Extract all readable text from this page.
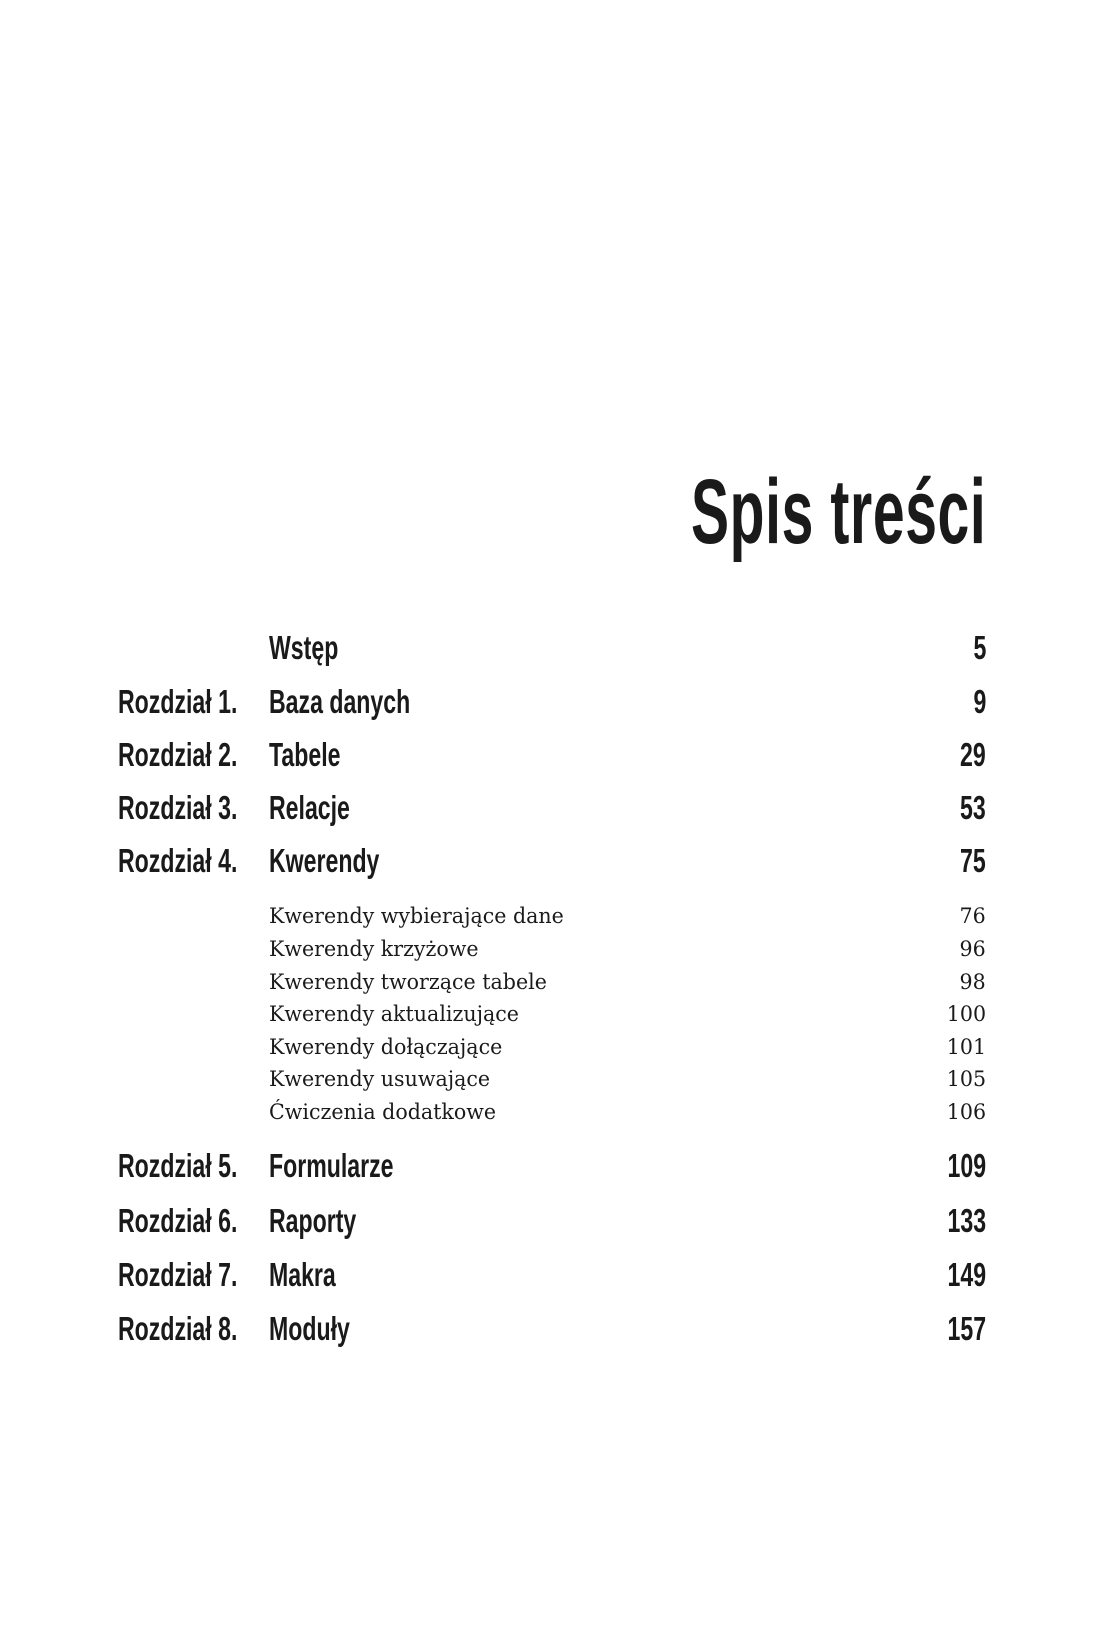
Spis treści
Wstęp	5
Rozdział 1. Baza danych	9
Rozdział 2. Tabele	29
Rozdział 3. Relacje	53
Rozdział 4. Kwerendy	75
Kwerendy wybierające dane	76
Kwerendy krzyżowe	96
Kwerendy tworzące tabele	98
Kwerendy aktualizujące	100
Kwerendy dołączające	101
Kwerendy usuwające	105
Ćwiczenia dodatkowe	106
Rozdział 5. Formularze	109
Rozdział 6. Raporty	133
Rozdział 7. Makra	149
Rozdział 8. Moduły	157
